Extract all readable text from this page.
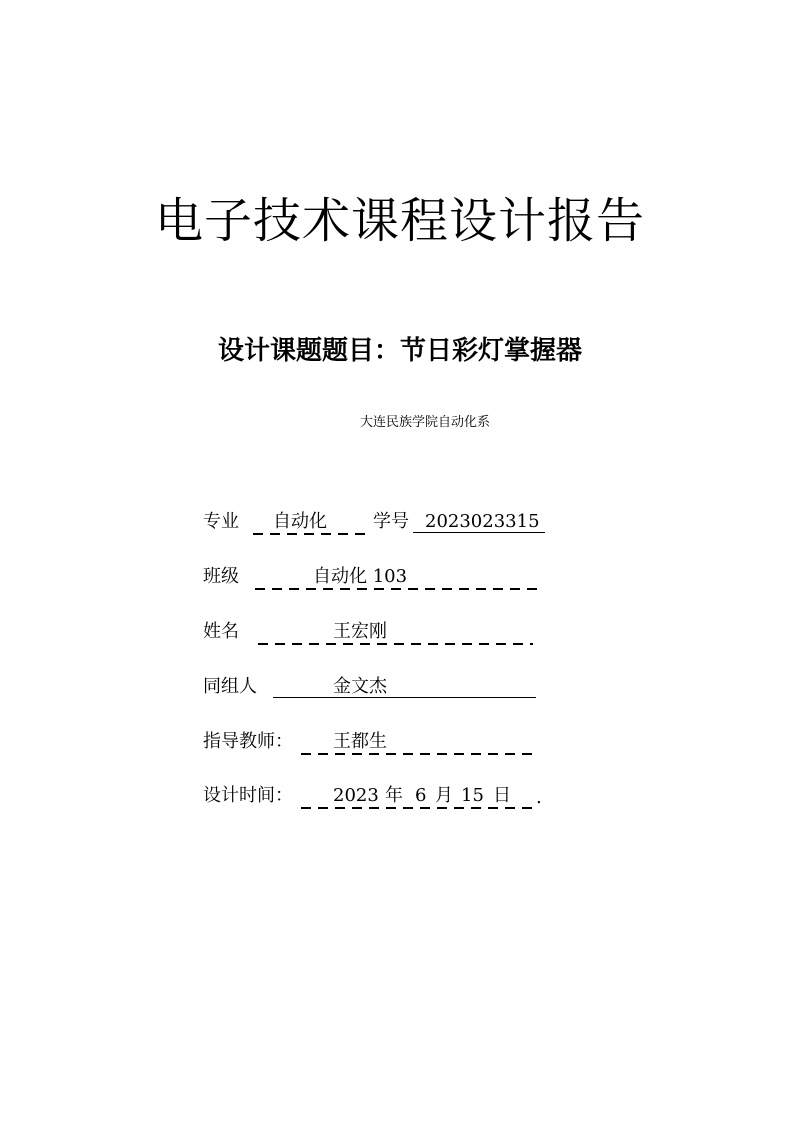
电子技术课程设计报告
设计课题题目：节日彩灯掌握器

大连民族学院自动化系

专业 自动化	学号 2023023315
班级	自动化 103
姓名	王宏刚
同组人	金文杰
指导教师： 王都生
设计时间： 2023 年 6 月 15 日 .
